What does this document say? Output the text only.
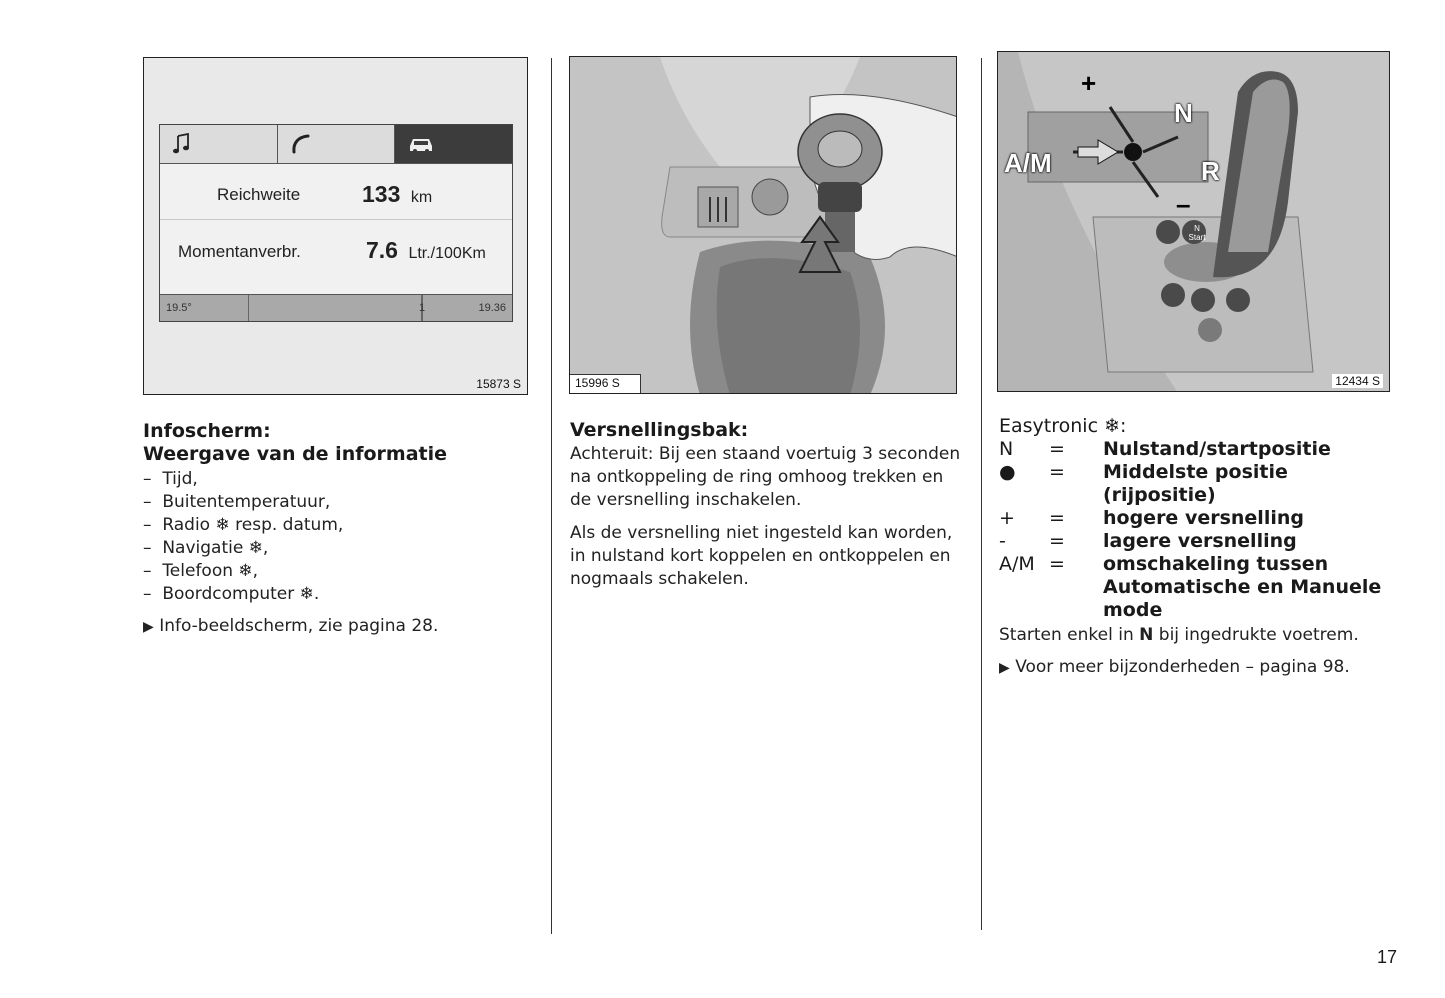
Reichweite	133 km
Momentanverbr.	7.6 Ltr./100Km
19.5°	1	19.36
15873 S
Infoscherm:
Weergave van de informatie
– Tijd,
– Buitentemperatuur,
– Radio ❄ resp. datum,
– Navigatie ❄,
– Telefoon ❄,
– Boordcomputer ❄.
▶ Info-beeldscherm, zie pagina 28.
15996 S
Versnellingsbak:
Achteruit: Bij een staand voertuig 3 seconden na ontkoppeling de ring omhoog trekken en de versnelling inschakelen.
Als de versnelling niet ingesteld kan worden, in nulstand kort koppelen en ontkoppelen en nogmaals schakelen.
+
N
A/M	R
–
N Start
12434 S
Easytronic ❄:
N	=	Nulstand/startpositie
●	=	Middelste positie (rijpositie)
+	=	hogere versnelling
-	=	lagere versnelling
A/M =	omschakeling tussen Automatische en Manuele mode
Starten enkel in N bij ingedrukte voetrem.
▶ Voor meer bijzonderheden – pagina 98.
17
